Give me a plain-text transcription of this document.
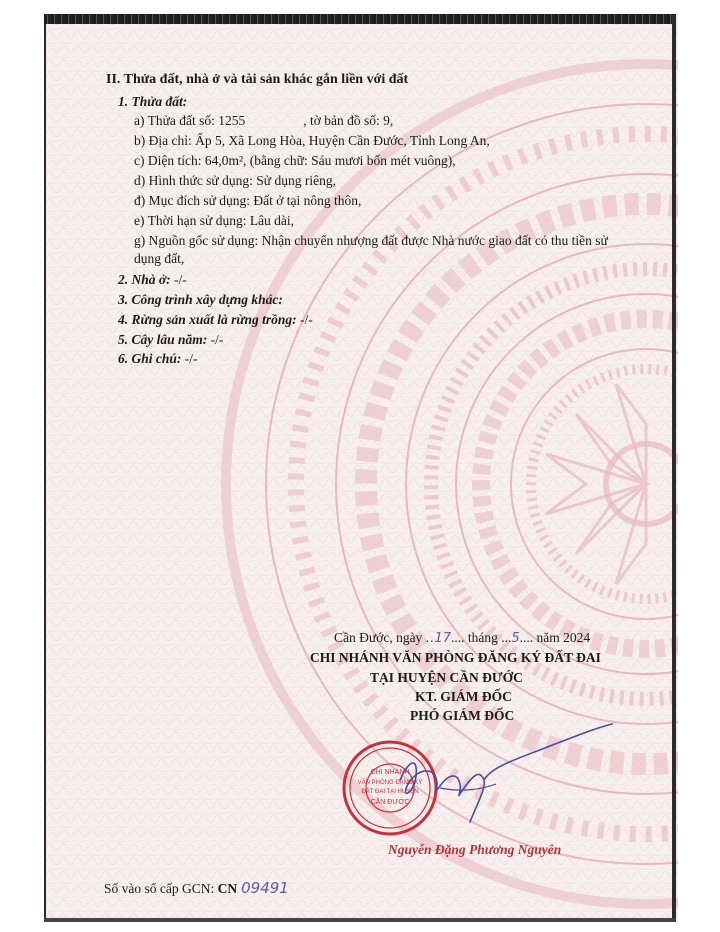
II. Thửa đất, nhà ở và tài sản khác gắn liền với đất
1. Thửa đất:
a) Thửa đất số: 1255	, tờ bản đồ số: 9,
b) Địa chỉ: Ấp 5, Xã Long Hòa, Huyện Cần Đước, Tỉnh Long An,
c) Diện tích: 64,0m², (bằng chữ: Sáu mươi bốn mét vuông),
d) Hình thức sử dụng: Sử dụng riêng,
đ) Mục đích sử dụng: Đất ở tại nông thôn,
e) Thời hạn sử dụng: Lâu dài,
g) Nguồn gốc sử dụng: Nhận chuyển nhượng đất được Nhà nước giao đất có thu tiền sử
dụng đất,
2. Nhà ở: -/-
3. Công trình xây dựng khác:
4. Rừng sản xuất là rừng trồng: -/-
5. Cây lâu năm: -/-
6. Ghi chú: -/-
Cần Đước, ngày ..17.... tháng ...5.... năm 2024
CHI NHÁNH VĂN PHÒNG ĐĂNG KÝ ĐẤT ĐAI
TẠI HUYỆN CẦN ĐƯỚC
KT. GIÁM ĐỐC
PHÓ GIÁM ĐỐC
CHI NHÁNH
VĂN PHÒNG ĐĂNG KÝ
ĐẤT ĐAI TẠI HUYỆN
CẦN ĐƯỚC
Nguyễn Đặng Phương Nguyên
Số vào sổ cấp GCN: CN 09491
